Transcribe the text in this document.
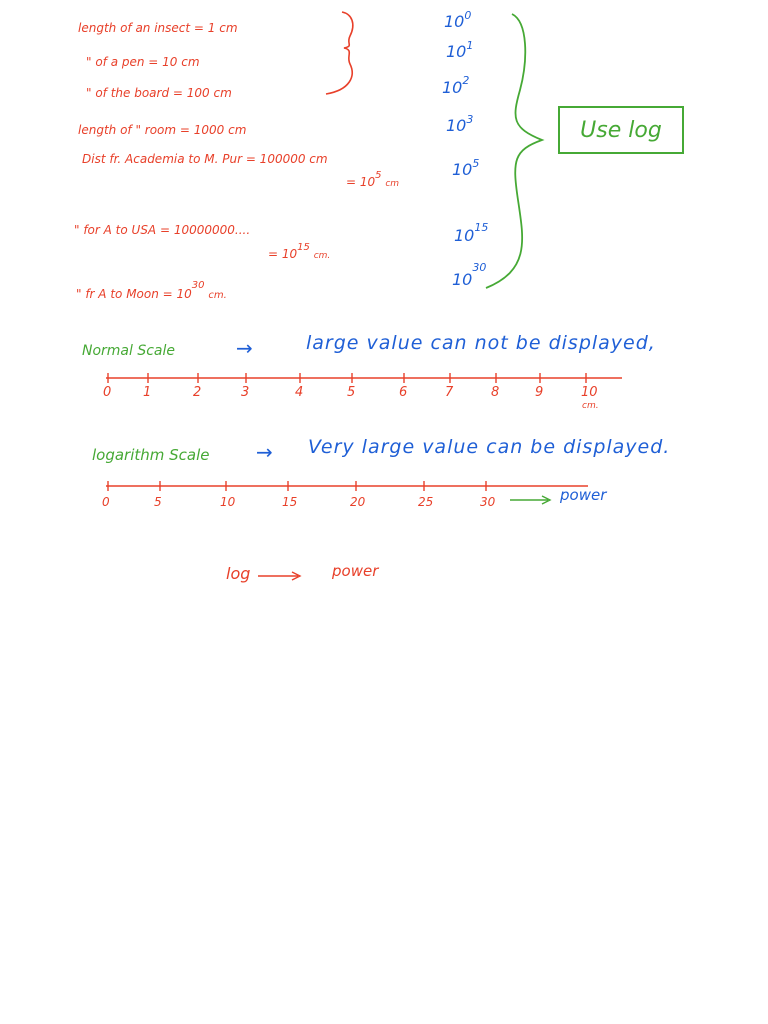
length of an insect = 1 cm
" of a pen = 10 cm
" of the board = 100 cm
length of " room = 1000 cm
Dist fr. Academia to M. Pur = 100000 cm
= $10^5$ cm
" for A to USA = 10000000....
= $10^{15}$ cm.
" fr A to Moon = $10^{30}$ cm.
$10^0$
$10^1$
$10^2$
$10^3$
$10^5$
$10^{15}$
$10^{30}$
Use log
Normal Scale	→	large value can not be displayed,
0 1	2	3	4	5	6	7	8	9	10
cm.
logarithm Scale → Very large value can be displayed.
0	5	10	15	20	25	30	power
log	power
